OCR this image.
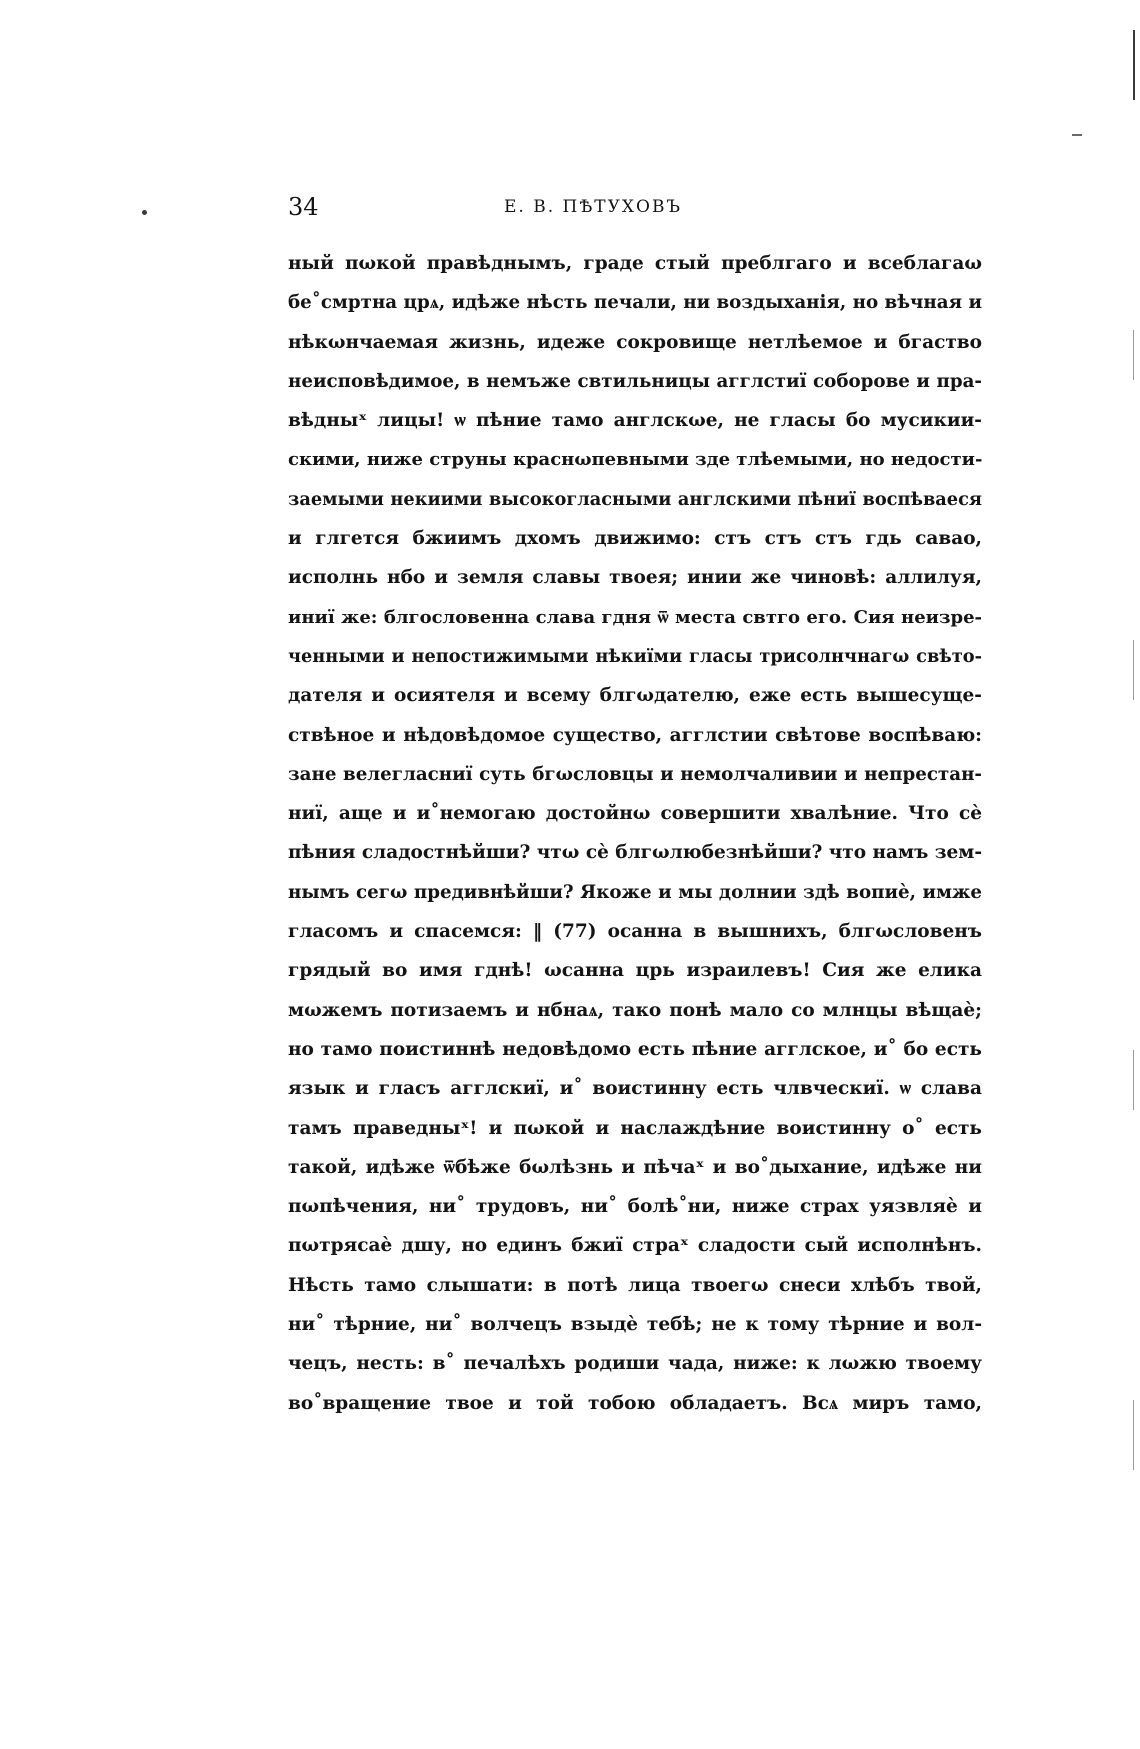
34	Е. В. ПѢТУХОВЪ
ный пωкой правѣднымъ, граде стый преблгаго и всеблагаω
бе˚смртна црѧ, идѣже нѣсть печали, ни воздыханія, но вѣчная и
нѣкωнчаемая жизнь, идеже сокровище нетлѣемое и бгаство
неисповѣдимое, в немъже свтильницы агглстиї соборове и пра-
вѣдныˣ лицы! ѡ пѣние тамо англскωе, не гласы бо мусикии-
скими, ниже струны краснωпевными зде тлѣемыми, но недости-
заемыми некиими высокогласными англскими пѣниї воспѣваеся
и глгется бжиимъ дхомъ движимо: стъ стъ стъ гдь савао,
исполнь нбо и земля славы твоея; инии же чиновѣ: аллилуя,
иниї же: блгословенна слава гдня ѿ места свтго его. Сия неизре-
ченными и непостижимыми нѣкиїми гласы трисолнчнагω свѣто-
дателя и осиятеля и всему блгωдателю, еже есть вышесуще-
ствѣное и нѣдовѣдомое существо, агглстии свѣтове воспѣваю:
зане велегласниї суть бгωсловцы и немолчаливии и непрестан-
ниї, аще и и˚немогаю достойнω совершити хвалѣние. Что сѐ
пѣния сладостнѣйши? чтω сѐ блгωлюбезнѣйши? что намъ зем-
нымъ сегω предивнѣйши? Якоже и мы долнии здѣ вопиѐ, имже
гласомъ и спасемся: ‖ (77) осанна в вышнихъ, блгωсловенъ
грядый во имя гднѣ! ωсанна црь израилевъ! Сия же елика
мωжемъ потизаемъ и нбнаѧ, тако понѣ мало со млнцы вѣщаѐ;
но тамо поистиннѣ недовѣдомо есть пѣние агглское, и˚ бо есть
язык и гласъ агглскиї, и˚ воистинну есть члвческиї. ѡ слава
тамъ праведныˣ! и пωкой и наслаждѣние воистинну о˚ есть
такой, идѣже ѿбѣже бωлѣзнь и пѣчаˣ и во˚дыхание, идѣже ни
пωпѣчения, ни˚ трудовъ, ни˚ болѣ˚ни, ниже страх уязвляѐ и
пωтрясаѐ дшу, но единъ бжиї страˣ сладости сый исполнѣнъ.
Нѣсть тамо слышати: в потѣ лица твоегω снеси хлѣбъ твой,
ни˚ тѣрние, ни˚ волчецъ взыдѐ тебѣ; не к тому тѣрние и вол-
чецъ, несть: в˚ печалѣхъ родиши чада, ниже: к лωжю твоему
во˚вращение твое и той тобою обладаетъ. Всѧ миръ тамо,
